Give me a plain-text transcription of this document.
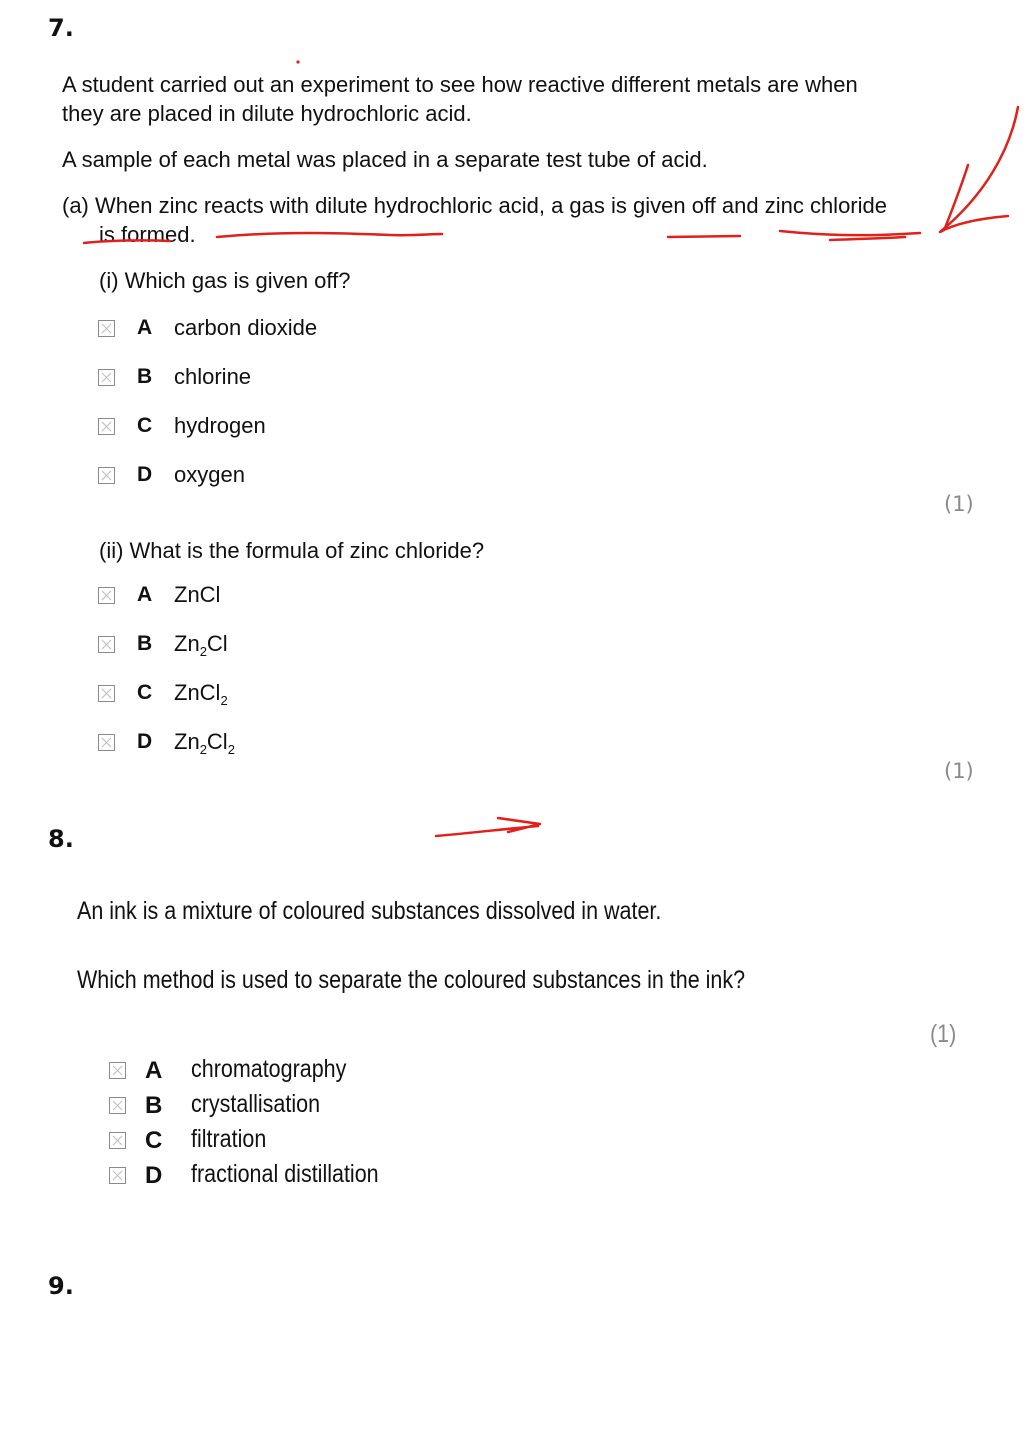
7.
A student carried out an experiment to see how reactive different metals are when
they are placed in dilute hydrochloric acid.
A sample of each metal was placed in a separate test tube of acid.
(a) When zinc reacts with dilute hydrochloric acid, a gas is given off and zinc chloride
is formed.
(i) Which gas is given off?
A carbon dioxide
B chlorine
C hydrogen
D oxygen
(1)
(ii) What is the formula of zinc chloride?
A ZnCl
B $Zn_2Cl$
C ZnCl$_2$
D $Zn_2Cl_2$
(1)
8.
An ink is a mixture of coloured substances dissolved in water.
Which method is used to separate the coloured substances in the ink?
(1)
A chromatography
B crystallisation
C filtration
D fractional distillation
9.
